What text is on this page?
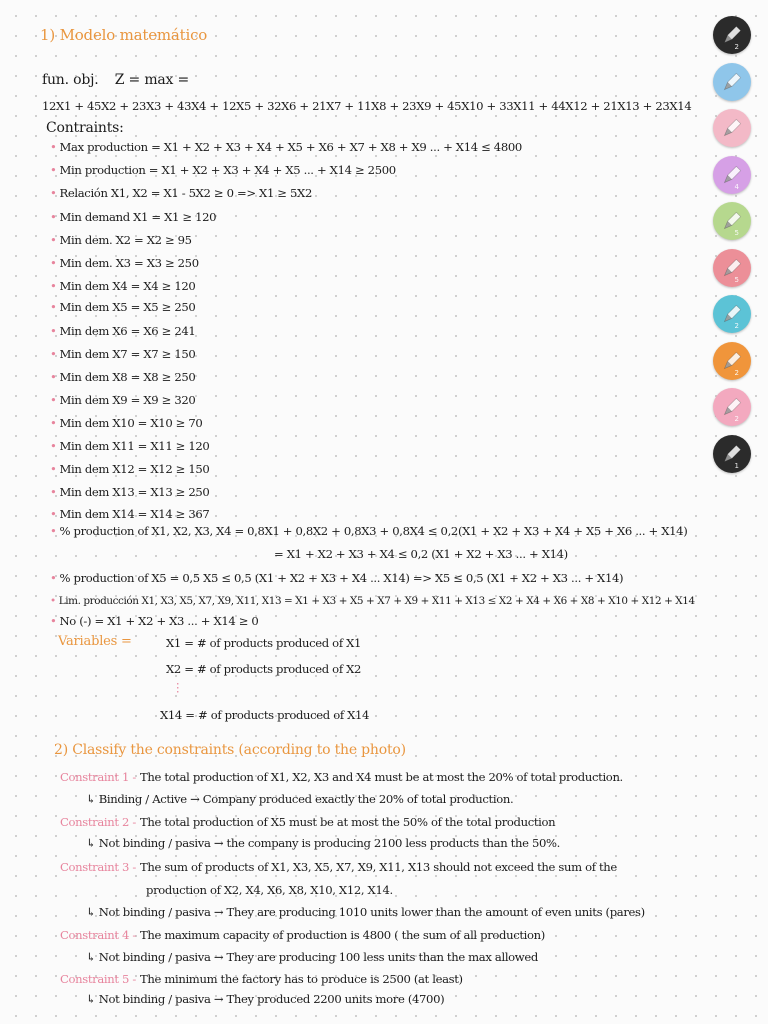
1) Modelo matemático
fun. obj. Z = max =
12X1 + 45X2 + 23X3 + 43X4 + 12X5 + 32X6 + 21X7 + 11X8 + 23X9 + 45X10 + 33X11 + 44X12 + 21X13 + 23X14
Contraints:
• Max production = X1 + X2 + X3 + X4 + X5 + X6 + X7 + X8 + X9 ... + X14 ≤ 4800
• Min production = X1 + X2 + X3 + X4 + X5 ... + X14 ≥ 2500
• Relación X1, X2 = X1 - 5X2 ≥ 0 => X1 ≥ 5X2
• Min demand X1 = X1 ≥ 120
• Min dem. X2 = X2 ≥ 95
• Min dem. X3 = X3 ≥ 250
• Min dem X4 = X4 ≥ 120
• Min dem X5 = X5 ≥ 250
• Min dem X6 = X6 ≥ 241
• Min dem X7 = X7 ≥ 150
• Min dem X8 = X8 ≥ 250
• Min dem X9 = X9 ≥ 320
• Min dem X10 = X10 ≥ 70
• Min dem X11 = X11 ≥ 120
• Min dem X12 = X12 ≥ 150
• Min dem X13 = X13 ≥ 250
• Min dem X14 = X14 ≥ 367
• % production of X1, X2, X3, X4 = 0,8X1 + 0,8X2 + 0,8X3 + 0,8X4 ≤ 0,2(X1 + X2 + X3 + X4 + X5 + X6 ... + X14)
= X1 + X2 + X3 + X4 ≤ 0,2 (X1 + X2 + X3 ... + X14)
• % production of X5 = 0,5 X5 ≤ 0,5 (X1 + X2 + X3 + X4 ... X14) => X5 ≤ 0,5 (X1 + X2 + X3 ... + X14)
• Lim. producción X1, X3, X5, X7, X9, X11, X13 = X1 + X3 + X5 + X7 + X9 + X11 + X13 ≤ X2 + X4 + X6 + X8 + X10 + X12 + X14
• No (-) = X1 + X2 + X3 ... + X14 ≥ 0
Variables =	X1 = # of products produced of X1
X2 = # of products produced of X2
⋮
X14 = # of products produced of X14
2) Classify the constraints (according to the photo)
Constraint 1 - The total production of X1, X2, X3 and X4 must be at most the 20% of total production.
↳ Binding / Active → Company produced exactly the 20% of total production.
Constraint 2 - The total production of X5 must be at most the 50% of the total production
↳ Not binding / pasiva → the company is producing 2100 less products than the 50%.
Constraint 3 - The sum of products of X1, X3, X5, X7, X9, X11, X13 should not exceed the sum of the
production of X2, X4, X6, X8, X10, X12, X14.
↳ Not binding / pasiva → They are producing 1010 units lower than the amount of even units (pares)
Constraint 4 - The maximum capacity of production is 4800 ( the sum of all production)
↳ Not binding / pasiva → They are producing 100 less units than the max allowed
Constraint 5 - The minimum the factory has to produce is 2500 (at least)
↳ Not binding / pasiva → They produced 2200 units more (4700)
2
4
5
5
2
2
2
1
